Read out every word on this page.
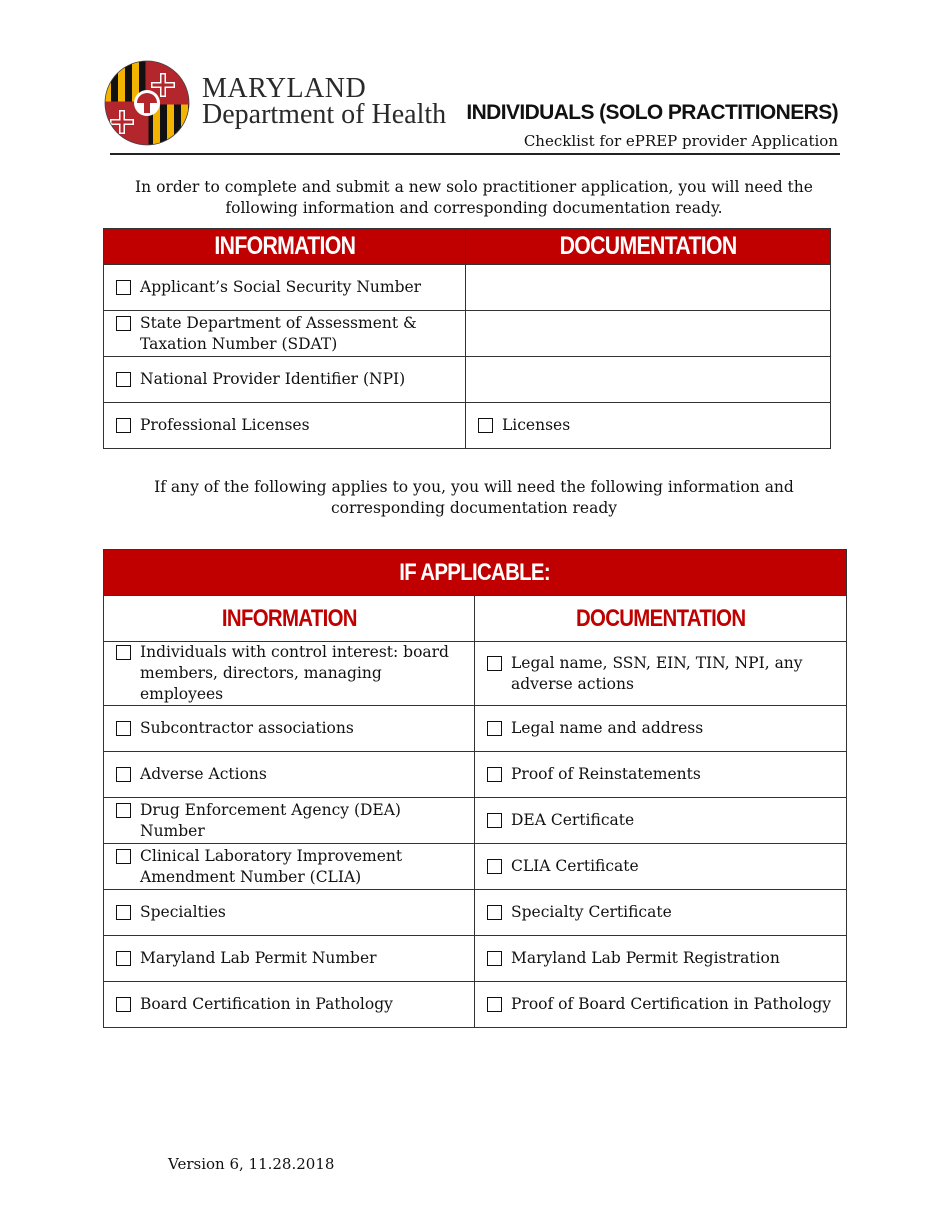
MARYLAND
Department of Health INDIVIDUALS (SOLO PRACTITIONERS)
Checklist for ePREP provider Application

In order to complete and submit a new solo practitioner application, you will need the following information and corresponding documentation ready.

INFORMATION	DOCUMENTATION

Applicant’s Social Security Number	

State Department of Assessment & Taxation Number (SDAT)	

National Provider Identifier (NPI)	

Professional Licenses	Licenses

If any of the following applies to you, you will need the following information and corresponding documentation ready

IF APPLICABLE:	
INFORMATION	DOCUMENTATION

Individuals with control interest: board members, directors, managing employees	Legal name, SSN, EIN, TIN, NPI, any adverse actions

Subcontractor associations	Legal name and address

Adverse Actions	Proof of Reinstatements

Drug Enforcement Agency (DEA) Number	DEA Certificate

Clinical Laboratory Improvement Amendment Number (CLIA)	CLIA Certificate

Specialties	Specialty Certificate

Maryland Lab Permit Number	Maryland Lab Permit Registration

Board Certification in Pathology	Proof of Board Certification in Pathology
Version 6, 11.28.2018
